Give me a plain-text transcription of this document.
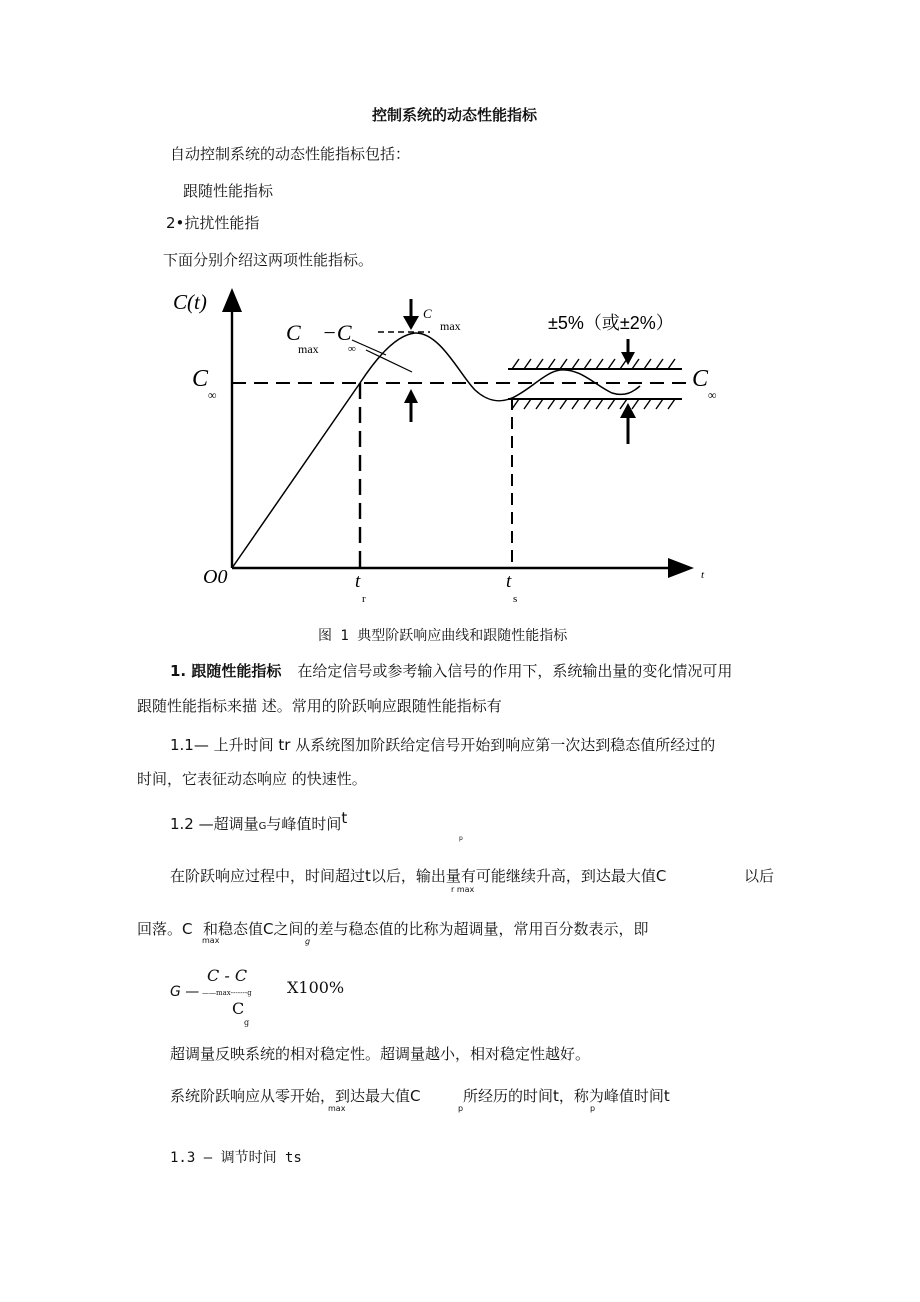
控制系统的动态性能指标
自动控制系统的动态性能指标包括：
跟随性能指标
2•抗扰性能指
下面分别介绍这两项性能指标。
C(t)
C
∞
C
∞
C
max
−C
∞
C
max	±5%（或±2%）
O0	t
r
t
s
t
图 1 典型阶跃响应曲线和跟随性能指标
1. 跟随性能指标 在给定信号或参考输入信号的作用下，系统输出量的变化情况可用
跟随性能指标来描 述。常用的阶跃响应跟随性能指标有
1.1— 上升时间 tr 从系统图加阶跃给定信号开始到响应第一次达到稳态值所经过的
时间，它表征动态响应 的快速性。
1.2 —超调量G与峰值时间t
p
在阶跃响应过程中，时间超过t以后，输出量有可能继续升高，到达最大值C
r max
以后
回落。C 和稳态值C之间的差与稳态值的比称为超调量，常用百分数表示，即
max	g
G —
C - C
——max-------g
C
g
X100%
超调量反映系统的相对稳定性。超调量越小，相对稳定性越好。
系统阶跃响应从零开始，到达最大值C
max
所经历的时间t，称为峰值时间t
p	p
1.3 — 调节时间 ts
